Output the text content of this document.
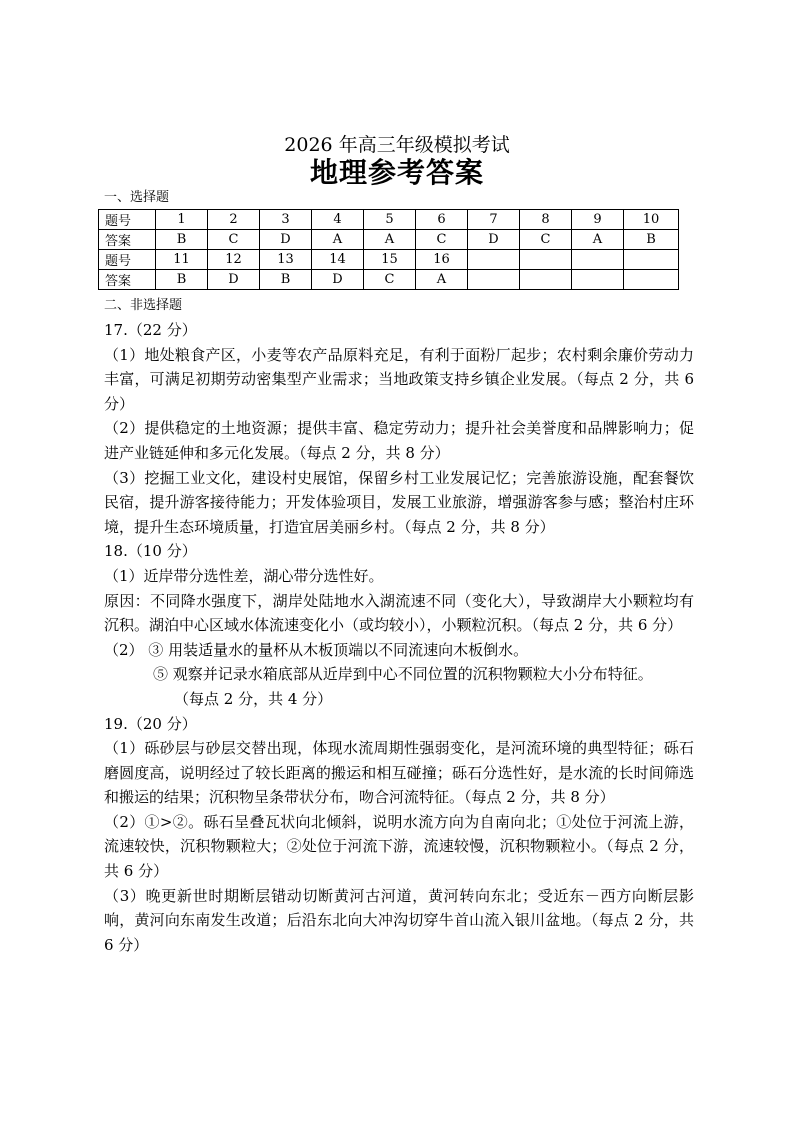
2026 年高三年级模拟考试
地理参考答案
一、选择题
题号	1	2	3	4	5	6	7	8	9	10
答案	B	C	D	A	A	C	D	C	A	B
题号	11	12	13	14	15	16				
答案	B	D	B	D	C	A				
二、非选择题

17.（22 分）

（1）地处粮食产区，小麦等农产品原料充足，有利于面粉厂起步；农村剩余廉价劳动力丰富，可满足初期劳动密集型产业需求；当地政策支持乡镇企业发展。（每点 2 分，共 6 分）

（2）提供稳定的土地资源；提供丰富、稳定劳动力；提升社会美誉度和品牌影响力；促进产业链延伸和多元化发展。（每点 2 分，共 8 分）

（3）挖掘工业文化，建设村史展馆，保留乡村工业发展记忆；完善旅游设施，配套餐饮民宿，提升游客接待能力；开发体验项目，发展工业旅游，增强游客参与感；整治村庄环境，提升生态环境质量，打造宜居美丽乡村。（每点 2 分，共 8 分）

18.（10 分）

（1）近岸带分选性差，湖心带分选性好。

原因：不同降水强度下，湖岸处陆地水入湖流速不同（变化大），导致湖岸大小颗粒均有沉积。湖泊中心区域水体流速变化小（或均较小），小颗粒沉积。（每点 2 分，共 6 分）

（2） ③ 用装适量水的量杯从木板顶端以不同流速向木板倒水。

⑤ 观察并记录水箱底部从近岸到中心不同位置的沉积物颗粒大小分布特征。

（每点 2 分，共 4 分）

19.（20 分）

（1）砾砂层与砂层交替出现，体现水流周期性强弱变化，是河流环境的典型特征；砾石磨圆度高，说明经过了较长距离的搬运和相互碰撞；砾石分选性好，是水流的长时间筛选和搬运的结果；沉积物呈条带状分布，吻合河流特征。（每点 2 分，共 8 分）

（2）①>②。砾石呈叠瓦状向北倾斜，说明水流方向为自南向北；①处位于河流上游，流速较快，沉积物颗粒大；②处位于河流下游，流速较慢，沉积物颗粒小。（每点 2 分，共 6 分）

（3）晚更新世时期断层错动切断黄河古河道，黄河转向东北；受近东－西方向断层影响，黄河向东南发生改道；后沿东北向大冲沟切穿牛首山流入银川盆地。（每点 2 分，共 6 分）
